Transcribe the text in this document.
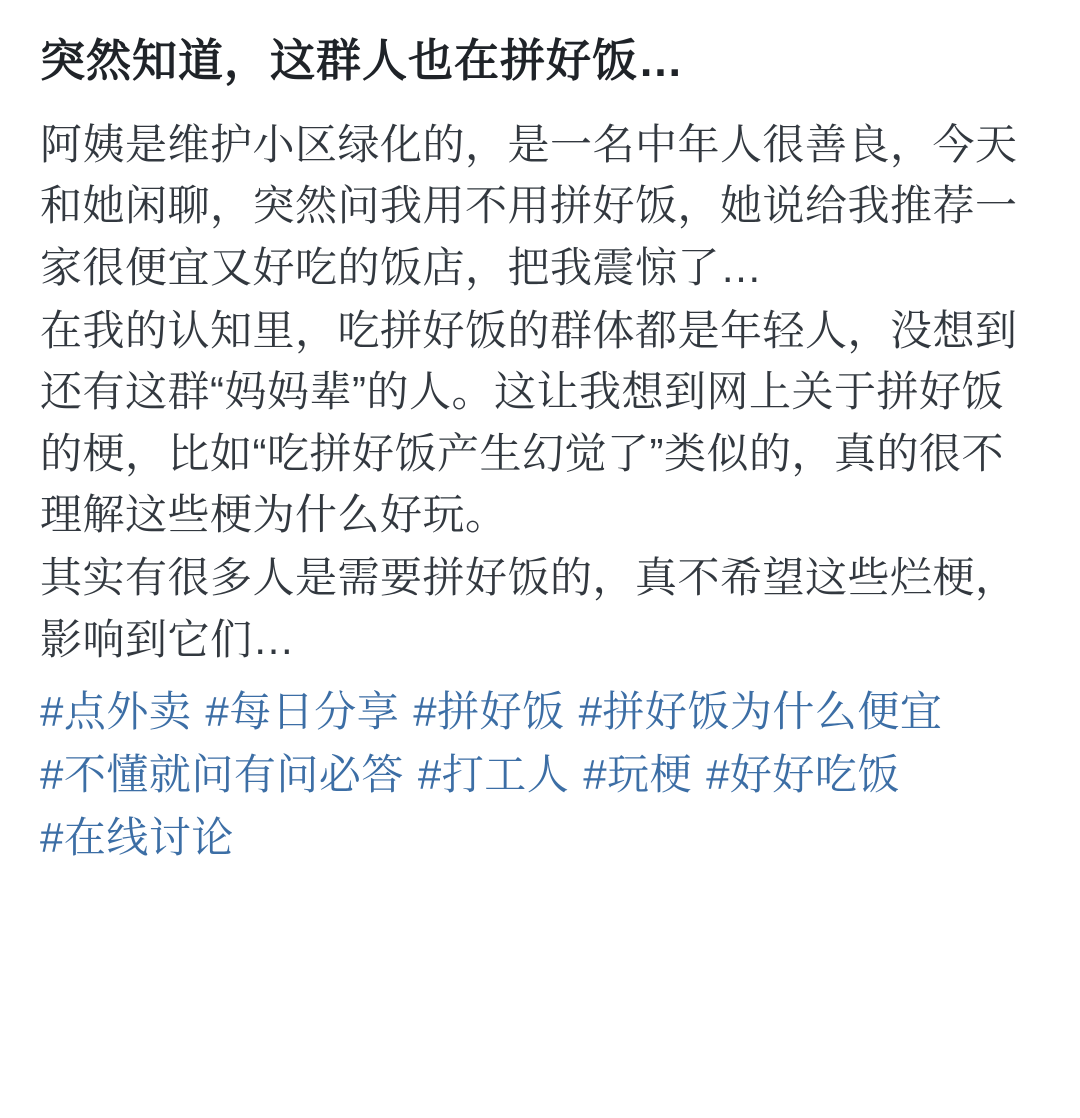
突然知道，这群人也在拼好饭…

阿姨是维护小区绿化的，是一名中年人很善良，今天和她闲聊，突然问我用不用拼好饭，她说给我推荐一家很便宜又好吃的饭店，把我震惊了…

在我的认知里，吃拼好饭的群体都是年轻人，没想到还有这群“妈妈辈”的人。这让我想到网上关于拼好饭的梗，比如“吃拼好饭产生幻觉了”类似的，真的很不理解这些梗为什么好玩。

其实有很多人是需要拼好饭的，真不希望这些烂梗，影响到它们…

#点外卖 #每日分享 #拼好饭 #拼好饭为什么便宜#不懂就问有问必答 #打工人 #玩梗 #好好吃饭#在线讨论
